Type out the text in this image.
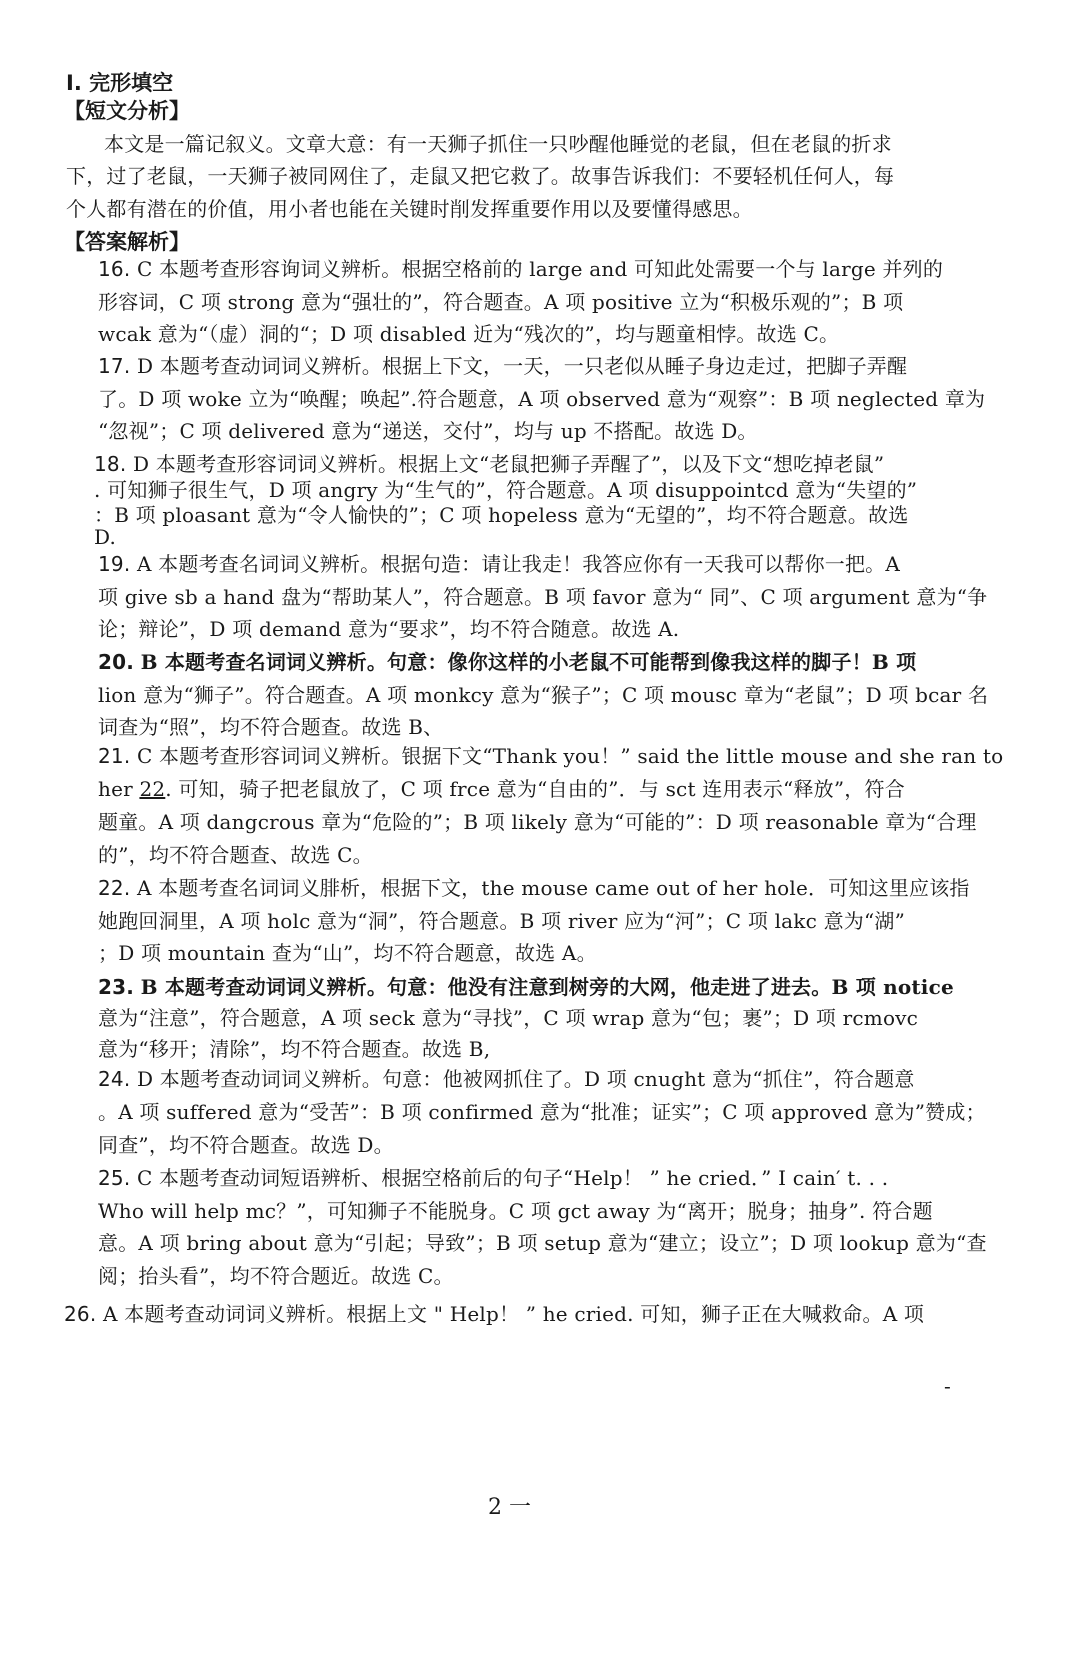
I. 完形填空
【短文分析】
本文是一篇记叙义。文章大意：有一天狮子抓住一只吵醒他睡觉的老鼠，但在老鼠的折求
下，过了老鼠，一天狮子被同网住了，走鼠又把它救了。故事告诉我们：不要轻机任何人，每
个人都有潜在的价值，用小者也能在关键时削发挥重要作用以及要懂得感思。
【答案解析】
16. C 本题考查形容询词义辨析。根据空格前的 large and 可知此处需要一个与 large 并列的
形容词，C 项 strong 意为“强壮的”，符合题查。A 项 positive 立为“积极乐观的”；B 项
wcak 意为“（虚）洞的“；D 项 disabled 近为“残次的”，均与题童相悖。故选 C。
17. D 本题考查动词词义辨析。根据上下文，一天，一只老似从睡子身边走过，把脚子弄醒
了。D 项 woke 立为“唤醒；唤起”.符合题意，A 项 observed 意为“观察”：B 项 neglected 章为
“忽视”；C 项 delivered 意为“递送，交付”，均与 up 不搭配。故选 D。
18. D 本题考查形容词词义辨析。根据上文“老鼠把狮子弄醒了”，以及下文“想吃掉老鼠”
. 可知狮子很生气，D 项 angry 为“生气的”，符合题意。A 项 disuppointcd 意为“失望的”
：B 项 ploasant 意为“令人愉快的”；C 项 hopeless 意为“无望的”，均不符合题意。故选
D.
19. A 本题考查名词词义辨析。根据句造：请让我走！我答应你有一天我可以帮你一把。A
项 give sb a hand 盘为“帮助某人”，符合题意。B 项 favor 意为“ 同”、C 项 argument 意为“争
论；辩论”，D 项 demand 意为“要求”，均不符合随意。故选 A.
20. B 本题考查名词词义辨析。句意：像你这样的小老鼠不可能帮到像我这样的脚子！B 项
lion 意为“狮子”。符合题查。A 项 monkcy 意为“猴子”；C 项 mousc 章为“老鼠”；D 项 bcar 名
词查为“照”，均不符合题查。故选 B、
21. C 本题考查形容词词义辨析。银据下文“Thank you！” said the little mouse and she ran to
her 22. 可知，骑子把老鼠放了，C 项 frce 意为“自由的”．与 sct 连用表示“释放”，符合
题童。A 项 dangcrous 章为“危险的”；B 项 likely 意为“可能的”：D 项 reasonable 章为“合理
的”，均不符合题查、故选 C。
22. A 本题考查名词词义腓析，根据下文，the mouse came out of her hole．可知这里应该指
她跑回洞里，A 项 holc 意为“洞”，符合题意。B 项 river 应为“河”；C 项 lakc 意为“湖”
；D 项 mountain 查为“山”，均不符合题意，故选 A。
23. B 本题考查动词词义辨析。句意：他没有注意到树旁的大网，他走进了进去。B 项 notice
意为“注意”，符合题意，A 项 seck 意为“寻找”，C 项 wrap 意为“包；裹”；D 项 rcmovc
意为“移开；清除”，均不符合题查。故选 B,
24. D 本题考查动词词义辨析。句意：他被网抓住了。D 项 cnught 意为“抓住”，符合题意
。A 项 suffered 意为“受苦”：B 项 confirmed 意为“批准；证实”；C 项 approved 意为”赞成；
同查”，均不符合题查。故选 D。
25. C 本题考查动词短语辨析、根据空格前后的句子“Help！ ” he cried．” I cain′ t. . .
Who will help mc？”，可知狮子不能脱身。C 项 gct away 为“离开；脱身；抽身”. 符合题
意。A 项 bring about 意为“引起；导致”；B 项 setup 意为“建立；设立”；D 项 lookup 意为“查
阅；抬头看”，均不符合题近。故选 C。
26. A 本题考查动词词义辨析。根据上文 " Help！ ” he cried. 可知，狮子正在大喊救命。A 项
-
2 一
